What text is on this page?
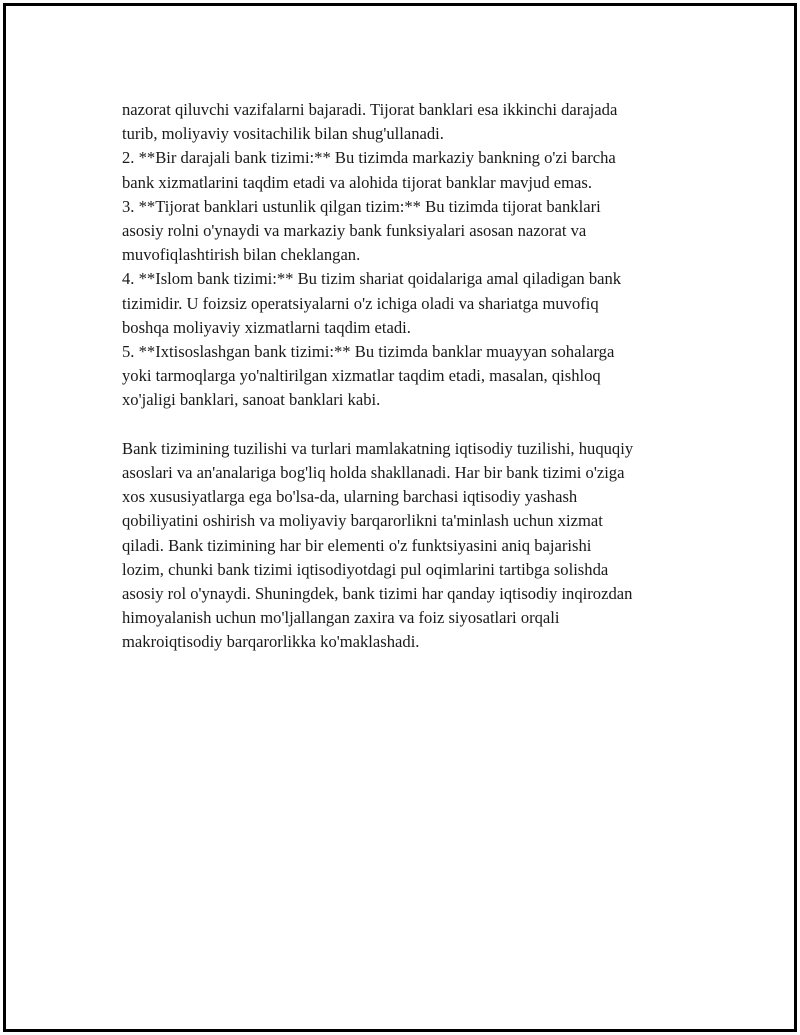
nazorat qiluvchi vazifalarni bajaradi. Tijorat banklari esa ikkinchi darajada
turib, moliyaviy vositachilik bilan shug'ullanadi.
2. **Bir darajali bank tizimi:** Bu tizimda markaziy bankning o'zi barcha
bank xizmatlarini taqdim etadi va alohida tijorat banklar mavjud emas.
3. **Tijorat banklari ustunlik qilgan tizim:** Bu tizimda tijorat banklari
asosiy rolni o'ynaydi va markaziy bank funksiyalari asosan nazorat va
muvofiqlashtirish bilan cheklangan.
4. **Islom bank tizimi:** Bu tizim shariat qoidalariga amal qiladigan bank
tizimidir. U foizsiz operatsiyalarni o'z ichiga oladi va shariatga muvofiq
boshqa moliyaviy xizmatlarni taqdim etadi.
5. **Ixtisoslashgan bank tizimi:** Bu tizimda banklar muayyan sohalarga
yoki tarmoqlarga yo'naltirilgan xizmatlar taqdim etadi, masalan, qishloq
xo'jaligi banklari, sanoat banklari kabi.
Bank tizimining tuzilishi va turlari mamlakatning iqtisodiy tuzilishi, huquqiy
asoslari va an'analariga bog'liq holda shakllanadi. Har bir bank tizimi o'ziga
xos xususiyatlarga ega bo'lsa-da, ularning barchasi iqtisodiy yashash
qobiliyatini oshirish va moliyaviy barqarorlikni ta'minlash uchun xizmat
qiladi. Bank tizimining har bir elementi o'z funktsiyasini aniq bajarishi
lozim, chunki bank tizimi iqtisodiyotdagi pul oqimlarini tartibga solishda
asosiy rol o'ynaydi. Shuningdek, bank tizimi har qanday iqtisodiy inqirozdan
himoyalanish uchun mo'ljallangan zaxira va foiz siyosatlari orqali
makroiqtisodiy barqarorlikka ko'maklashadi.
